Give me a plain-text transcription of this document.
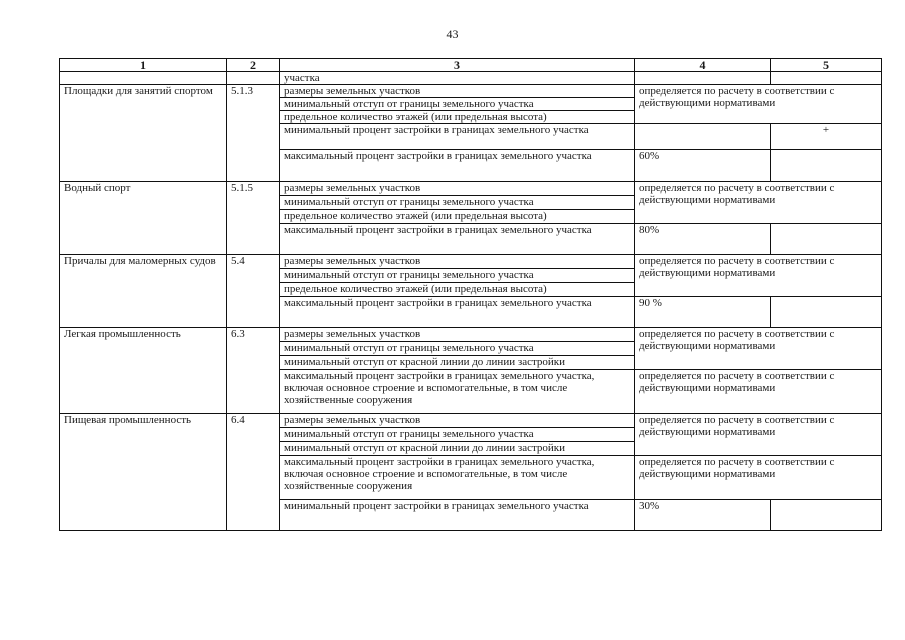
43
1	2	3	4	5
		участка		
Площадки для занятий спортом	5.1.3	размеры земельных участков	определяется по расчету в соответствии с действующими нормативами	
		минимальный отступ от границы земельного участка		
		предельное количество этажей (или предельная высота)		
		минимальный процент застройки в границах земельного участка		+
		максимальный процент застройки в границах земельного участка	60%	
Водный спорт	5.1.5	размеры земельных участков	определяется по расчету в соответствии с действующими нормативами	
		минимальный отступ от границы земельного участка		
		предельное количество этажей (или предельная высота)		
		максимальный процент застройки в границах земельного участка	80%	
Причалы для маломерных судов	5.4	размеры земельных участков	определяется по расчету в соответствии с действующими нормативами	
		минимальный отступ от границы земельного участка		
		предельное количество этажей (или предельная высота)		
		максимальный процент застройки в границах земельного участка	90 %	
Легкая промышленность	6.3	размеры земельных участков	определяется по расчету в соответствии с действующими нормативами	
		минимальный отступ от границы земельного участка		
		минимальный отступ от красной линии до линии застройки		
		максимальный процент застройки в границах земельного участка, включая основное строение и вспомогательные, в том числе хозяйственные сооружения	определяется по расчету в соответствии с действующими нормативами	
Пищевая промышленность	6.4	размеры земельных участков	определяется по расчету в соответствии с действующими нормативами	
		минимальный отступ от границы земельного участка		
		минимальный отступ от красной линии до линии застройки		
		максимальный процент застройки в границах земельного участка, включая основное строение и вспомогательные, в том числе хозяйственные сооружения	определяется по расчету в соответствии с действующими нормативами	
		минимальный процент застройки в границах земельного участка	30%	
